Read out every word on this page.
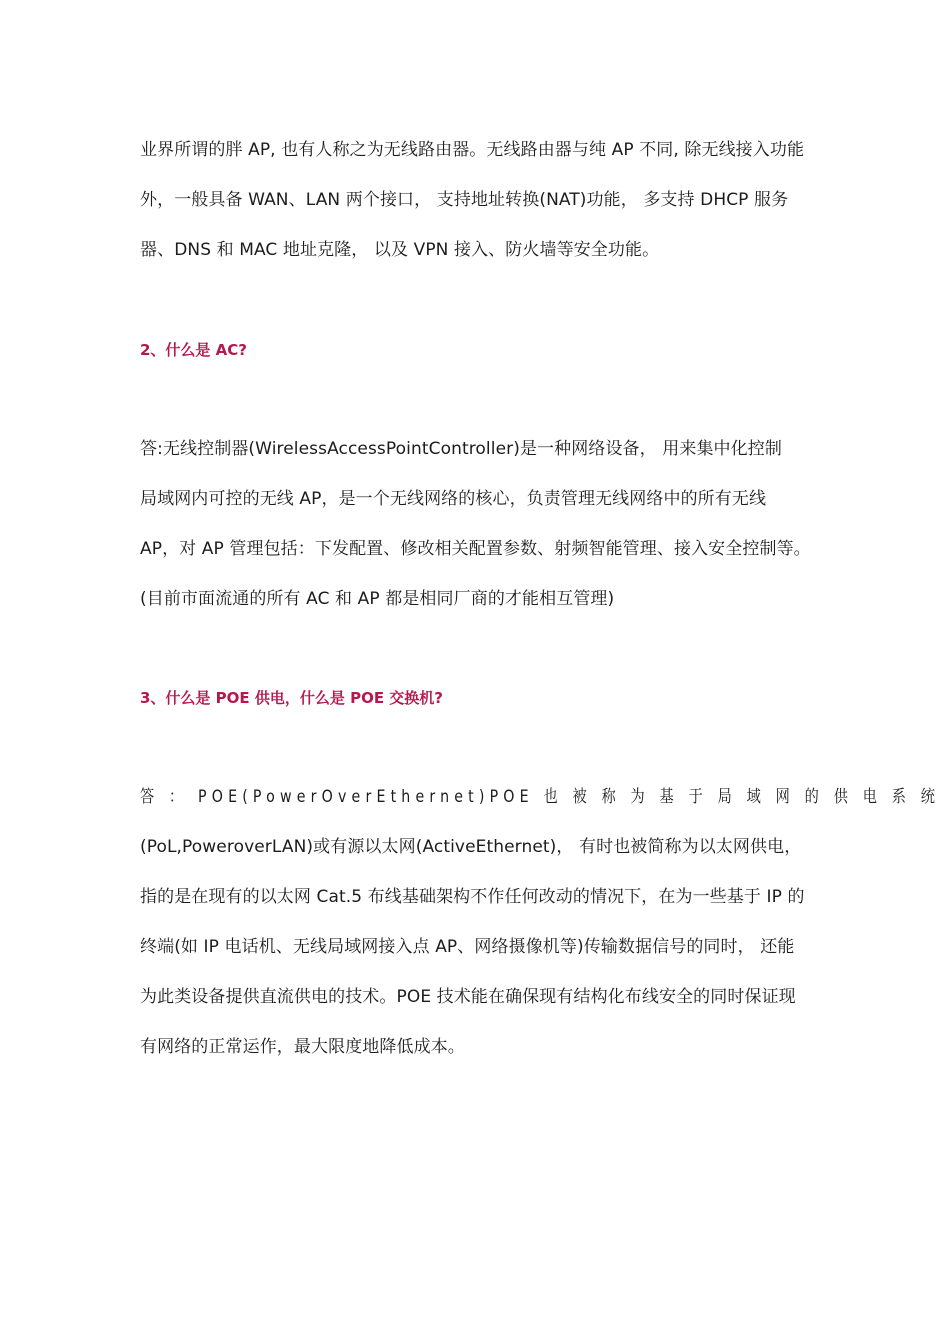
业界所谓的胖 AP, 也有人称之为无线路由器。无线路由器与纯 AP 不同, 除无线接入功能
外，一般具备 WAN、LAN 两个接口， 支持地址转换(NAT)功能， 多支持 DHCP 服务
器、DNS 和 MAC 地址克隆， 以及 VPN 接入、防火墙等安全功能。
2、什么是 AC?
答:无线控制器(WirelessAccessPointController)是一种网络设备， 用来集中化控制
局域网内可控的无线 AP，是一个无线网络的核心，负责管理无线网络中的所有无线
AP，对 AP 管理包括：下发配置、修改相关配置参数、射频智能管理、接入安全控制等。
(目前市面流通的所有 AC 和 AP 都是相同厂商的才能相互管理)
3、什么是 POE 供电，什么是 POE 交换机?
答 ： POE(PowerOverEthernet)POE 也 被 称 为 基 于 局 域 网 的 供 电 系 统
(PoL,PoweroverLAN)或有源以太网(ActiveEthernet)， 有时也被简称为以太网供电，
指的是在现有的以太网 Cat.5 布线基础架构不作任何改动的情况下，在为一些基于 IP 的
终端(如 IP 电话机、无线局域网接入点 AP、网络摄像机等)传输数据信号的同时， 还能
为此类设备提供直流供电的技术。POE 技术能在确保现有结构化布线安全的同时保证现
有网络的正常运作，最大限度地降低成本。
